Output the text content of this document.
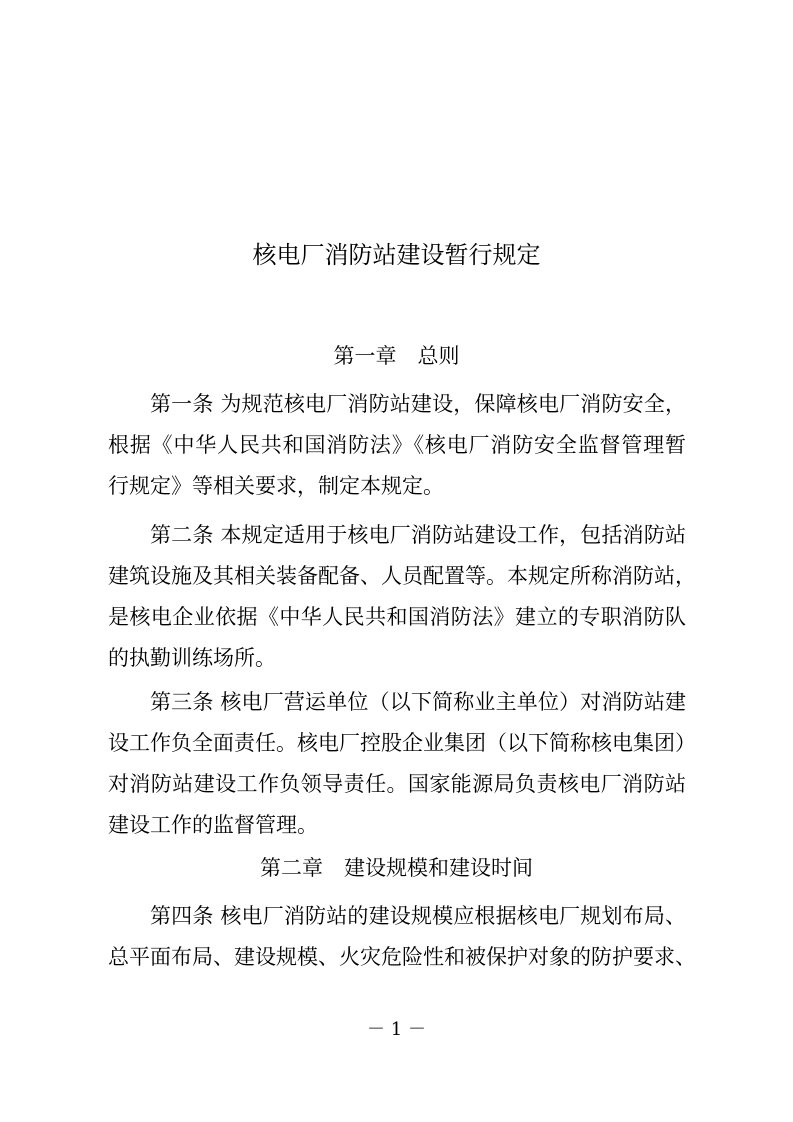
核电厂消防站建设暂行规定
第一章　总则
第一条 为规范核电厂消防站建设，保障核电厂消防安全，
根据《中华人民共和国消防法》《核电厂消防安全监督管理暂
行规定》等相关要求，制定本规定。
第二条 本规定适用于核电厂消防站建设工作，包括消防站
建筑设施及其相关装备配备、人员配置等。本规定所称消防站，
是核电企业依据《中华人民共和国消防法》建立的专职消防队
的执勤训练场所。
第三条 核电厂营运单位（以下简称业主单位）对消防站建
设工作负全面责任。核电厂控股企业集团（以下简称核电集团）
对消防站建设工作负领导责任。国家能源局负责核电厂消防站
建设工作的监督管理。
第二章　建设规模和建设时间
第四条 核电厂消防站的建设规模应根据核电厂规划布局、
总平面布局、建设规模、火灾危险性和被保护对象的防护要求、
－ 1 －
